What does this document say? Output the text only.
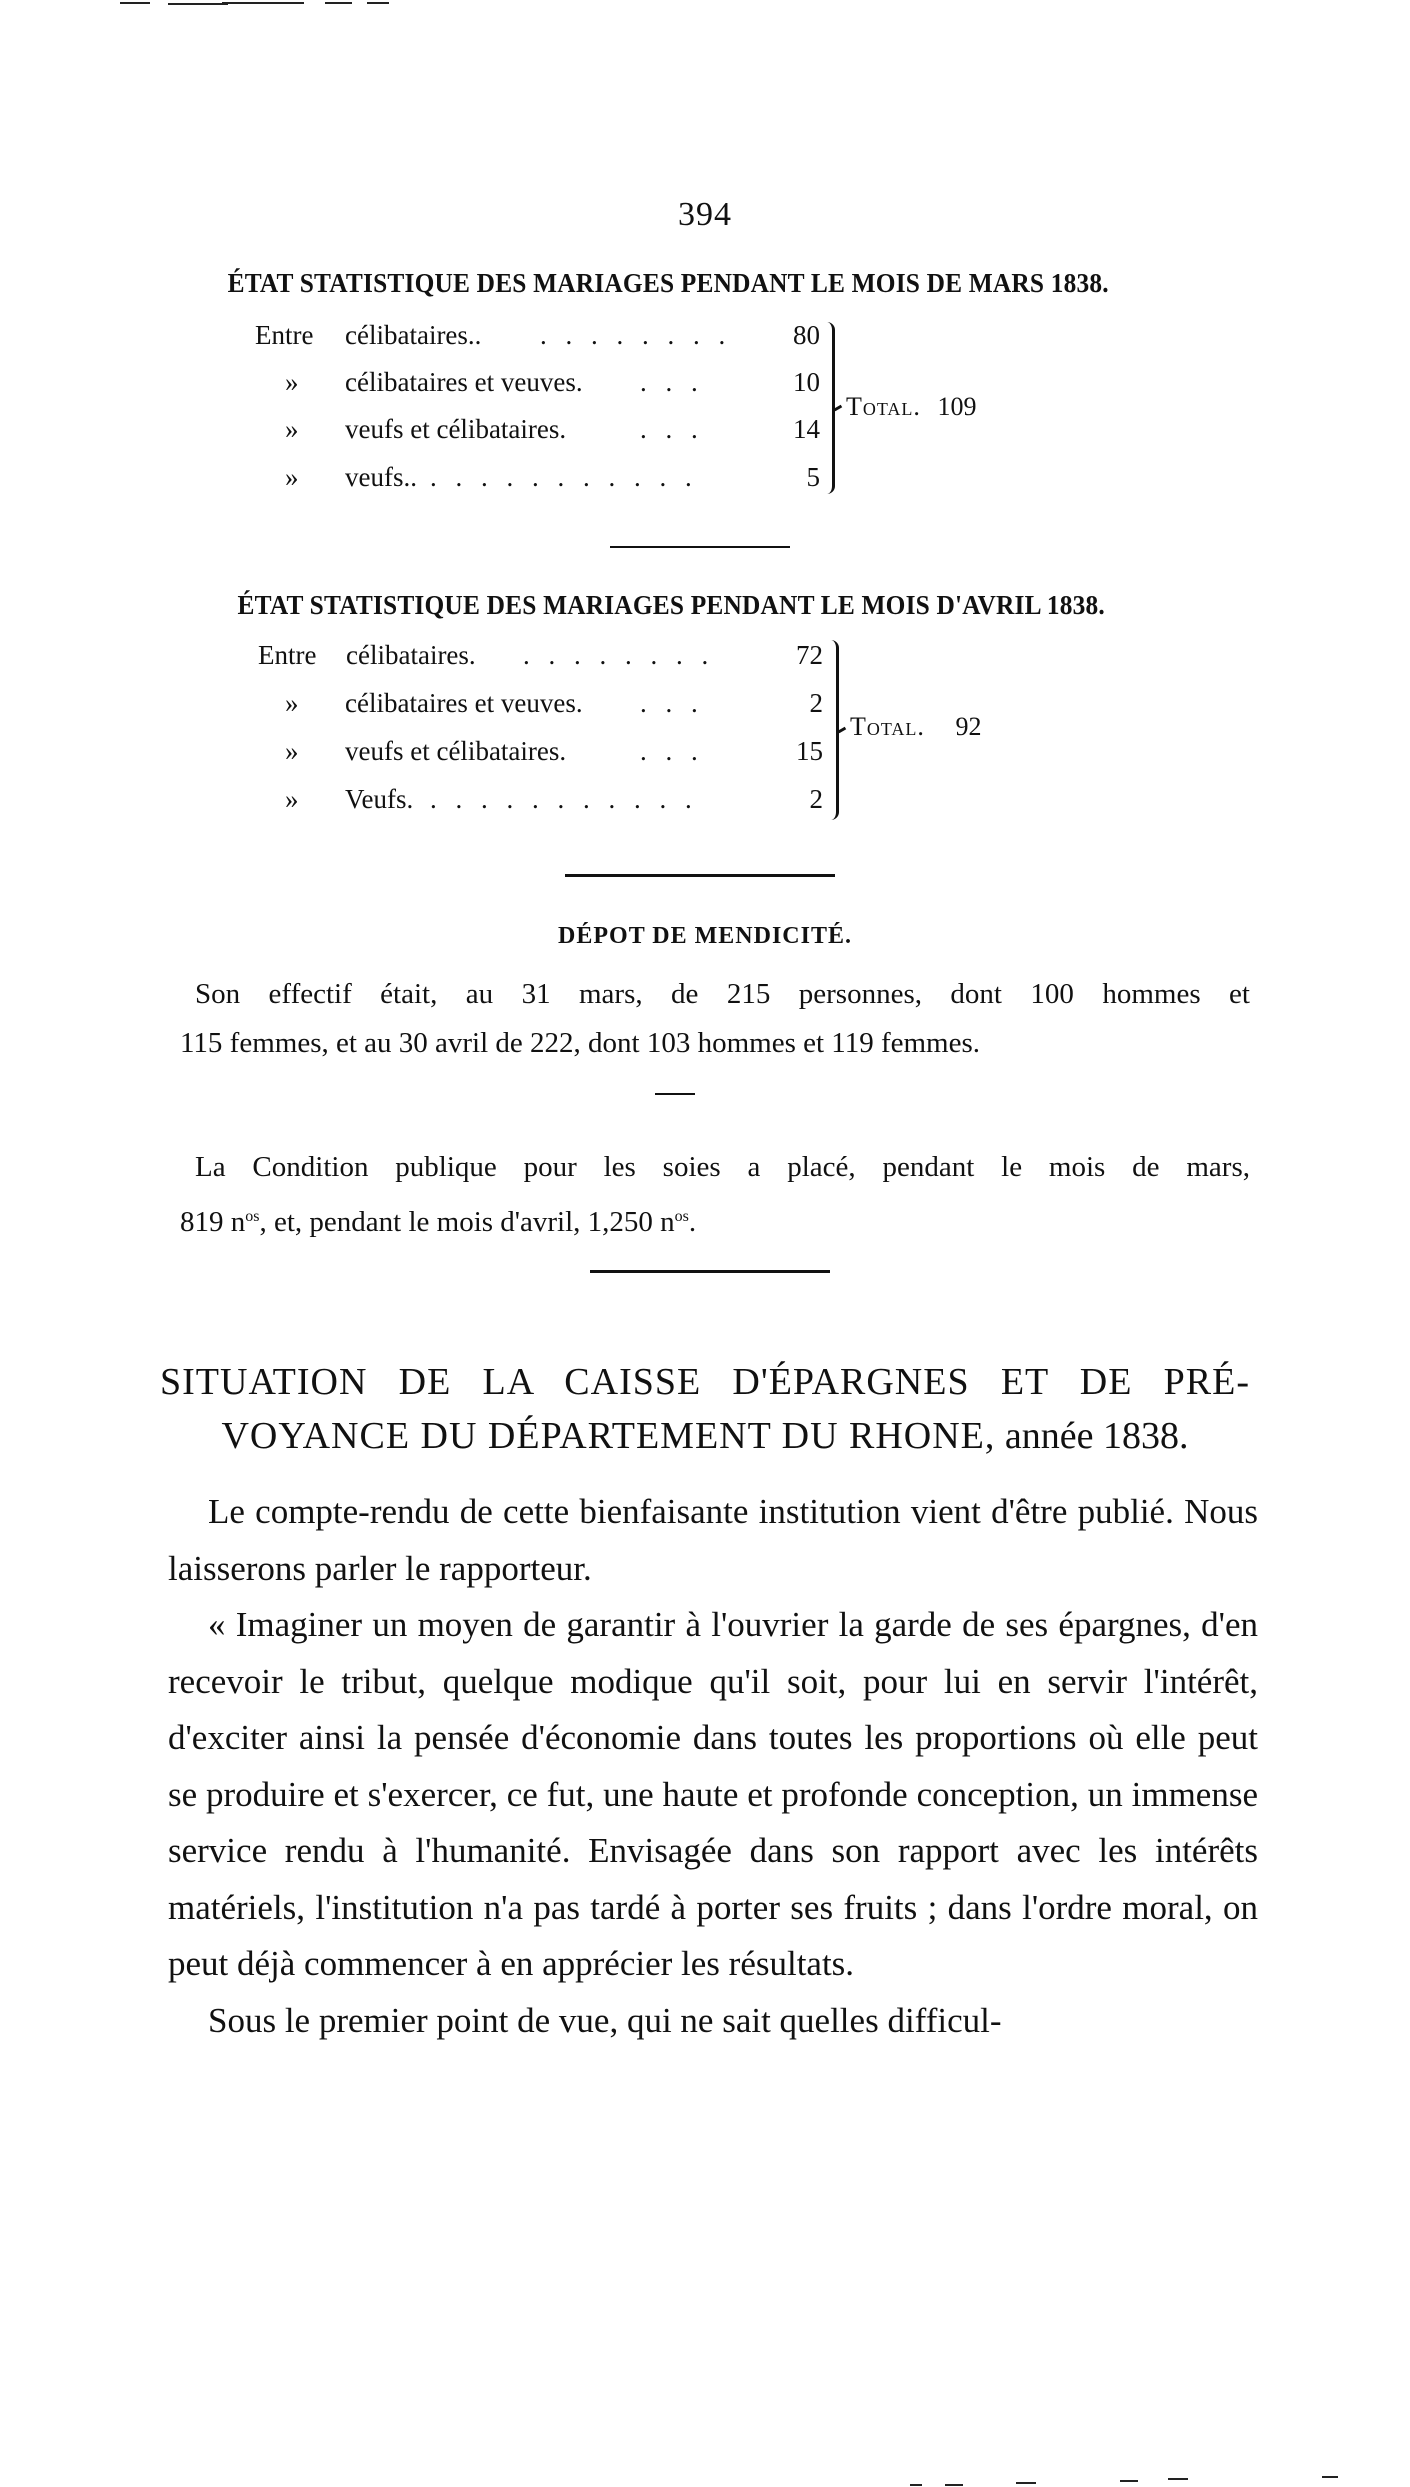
394
ÉTAT STATISTIQUE DES MARIAGES PENDANT LE MOIS DE MARS 1838.
Entre célibataires.. . . . . . . . .	80
» célibataires et veuves. . . .	10
» veufs et célibataires.	. . .	14
» veufs.. . . . . . . . . . . .	5
Total. 109
ÉTAT STATISTIQUE DES MARIAGES PENDANT LE MOIS D'AVRIL 1838.
Entre célibataires. . . . . . . . .	72
» célibataires et veuves. . . .	2
» veufs et célibataires.	. . .	15
» Veufs. . . . . . . . . . . .	2
Total. 92
DÉPOT DE MENDICITÉ.
Son effectif était, au 31 mars, de 215 personnes, dont 100 hommes et
115 femmes, et au 30 avril de 222, dont 103 hommes et 119 femmes.
La Condition publique pour les soies a placé, pendant le mois de mars,
819 $n^{os}$, et, pendant le mois d'avril, 1,250 $n^{os}$.
SITUATION DE LA CAISSE D'ÉPARGNES ET DE PRÉ-
VOYANCE DU DÉPARTEMENT DU RHONE, année 1838.

Le compte-rendu de cette bienfaisante institution vient d'être publié. Nous laisserons parler le rapporteur.

« Imaginer un moyen de garantir à l'ouvrier la garde de ses épargnes, d'en recevoir le tribut, quelque modique qu'il soit, pour lui en servir l'intérêt, d'exciter ainsi la pensée d'économie dans toutes les proportions où elle peut se produire et s'exercer, ce fut, une haute et profonde conception, un immense service rendu à l'humanité. Envisagée dans son rapport avec les intérêts matériels, l'institution n'a pas tardé à porter ses fruits ; dans l'ordre moral, on peut déjà commencer à en apprécier les résultats.

Sous le premier point de vue, qui ne sait quelles difficul-
